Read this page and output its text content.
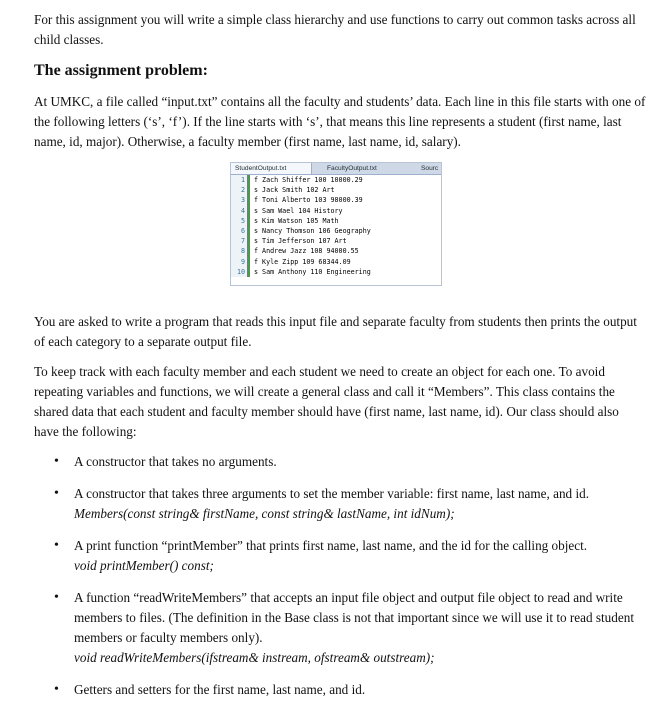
For this assignment you will write a simple class hierarchy and use functions to carry out common tasks across all child classes.

The assignment problem:

At UMKC, a file called “input.txt” contains all the faculty and students’ data. Each line in this file starts with one of the following letters (‘s’, ‘f’). If the line starts with ‘s’, that means this line represents a student (first name, last name, id, major). Otherwise, a faculty member (first name, last name, id, salary).

StudentOutput.txt	FacultyOutput.txt	Sourc
1 f Zach Shiffer 100 10000.29
2 s Jack Smith 102 Art
3 f Toni Alberto 103 98000.39
4 s Sam Wael 104 History
5 s Kim Watson 105 Math
6 s Nancy Thomson 106 Geography
7 s Tim Jefferson 107 Art
8 f Andrew Jazz 108 94000.55
9 f Kyle Zipp 109 68344.09
10 s Sam Anthony 110 Engineering

You are asked to write a program that reads this input file and separate faculty from students then prints the output of each category to a separate output file.

To keep track with each faculty member and each student we need to create an object for each one. To avoid repeating variables and functions, we will create a general class and call it “Members”. This class contains the shared data that each student and faculty member should have (first name, last name, id). Our class should also have the following:

• A constructor that takes no arguments.
• A constructor that takes three arguments to set the member variable: first name, last name, and id.
Members(const string& firstName, const string& lastName, int idNum);
• A print function “printMember” that prints first name, last name, and the id for the calling object.
void printMember() const;
• A function “readWriteMembers” that accepts an input file object and output file object to read and write members to files. (The definition in the Base class is not that important since we will use it to read student members or faculty members only).
void readWriteMembers(ifstream& instream, ofstream& outstream);
• Getters and setters for the first name, last name, and id.
